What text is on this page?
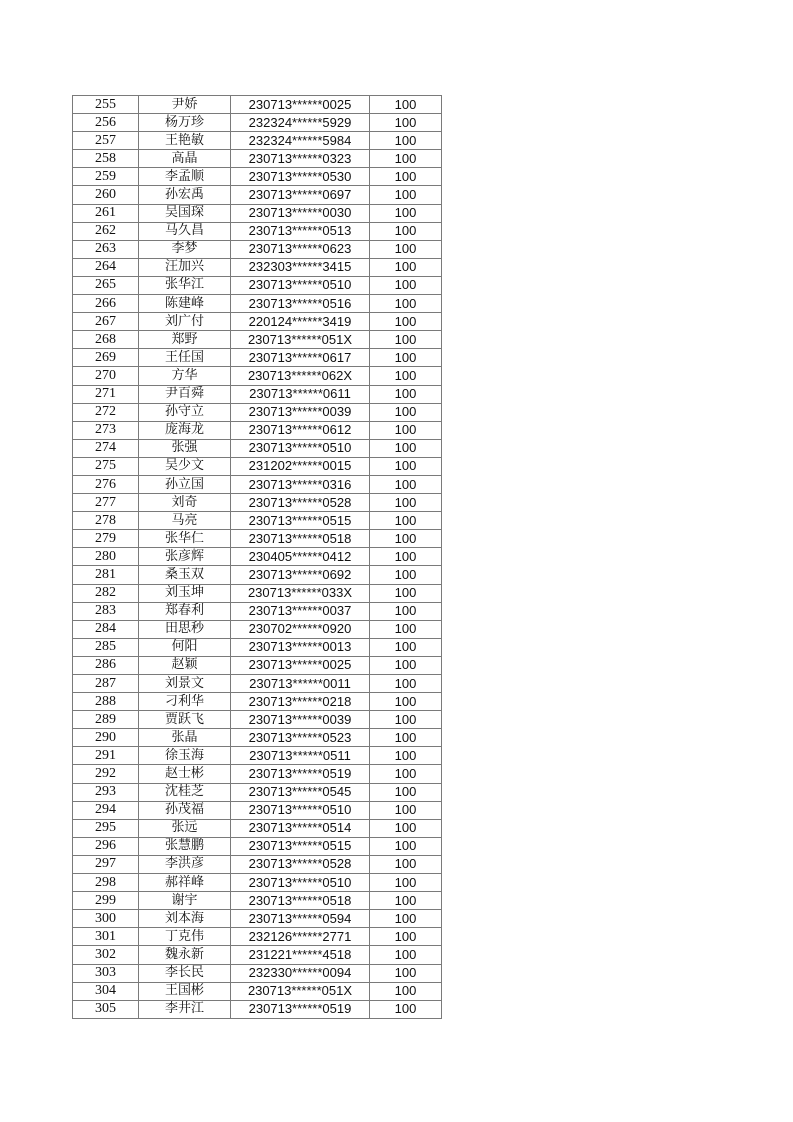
255	尹娇	230713******0025	100
256	杨万珍	232324******5929	100
257	王艳敏	232324******5984	100
258	高晶	230713******0323	100
259	李孟顺	230713******0530	100
260	孙宏禹	230713******0697	100
261	吴国琛	230713******0030	100
262	马久昌	230713******0513	100
263	李梦	230713******0623	100
264	汪加兴	232303******3415	100
265	张华江	230713******0510	100
266	陈建峰	230713******0516	100
267	刘广付	220124******3419	100
268	郑野	230713******051X	100
269	王任国	230713******0617	100
270	方华	230713******062X	100
271	尹百舜	230713******0611	100
272	孙守立	230713******0039	100
273	庞海龙	230713******0612	100
274	张强	230713******0510	100
275	吴少文	231202******0015	100
276	孙立国	230713******0316	100
277	刘奇	230713******0528	100
278	马亮	230713******0515	100
279	张华仁	230713******0518	100
280	张彦辉	230405******0412	100
281	桑玉双	230713******0692	100
282	刘玉坤	230713******033X	100
283	郑春利	230713******0037	100
284	田思秒	230702******0920	100
285	何阳	230713******0013	100
286	赵颖	230713******0025	100
287	刘景文	230713******0011	100
288	刁利华	230713******0218	100
289	贾跃飞	230713******0039	100
290	张晶	230713******0523	100
291	徐玉海	230713******0511	100
292	赵士彬	230713******0519	100
293	沈桂芝	230713******0545	100
294	孙茂福	230713******0510	100
295	张远	230713******0514	100
296	张慧鹏	230713******0515	100
297	李洪彦	230713******0528	100
298	郝祥峰	230713******0510	100
299	谢宇	230713******0518	100
300	刘本海	230713******0594	100
301	丁克伟	232126******2771	100
302	魏永新	231221******4518	100
303	李长民	232330******0094	100
304	王国彬	230713******051X	100
305	李井江	230713******0519	100
